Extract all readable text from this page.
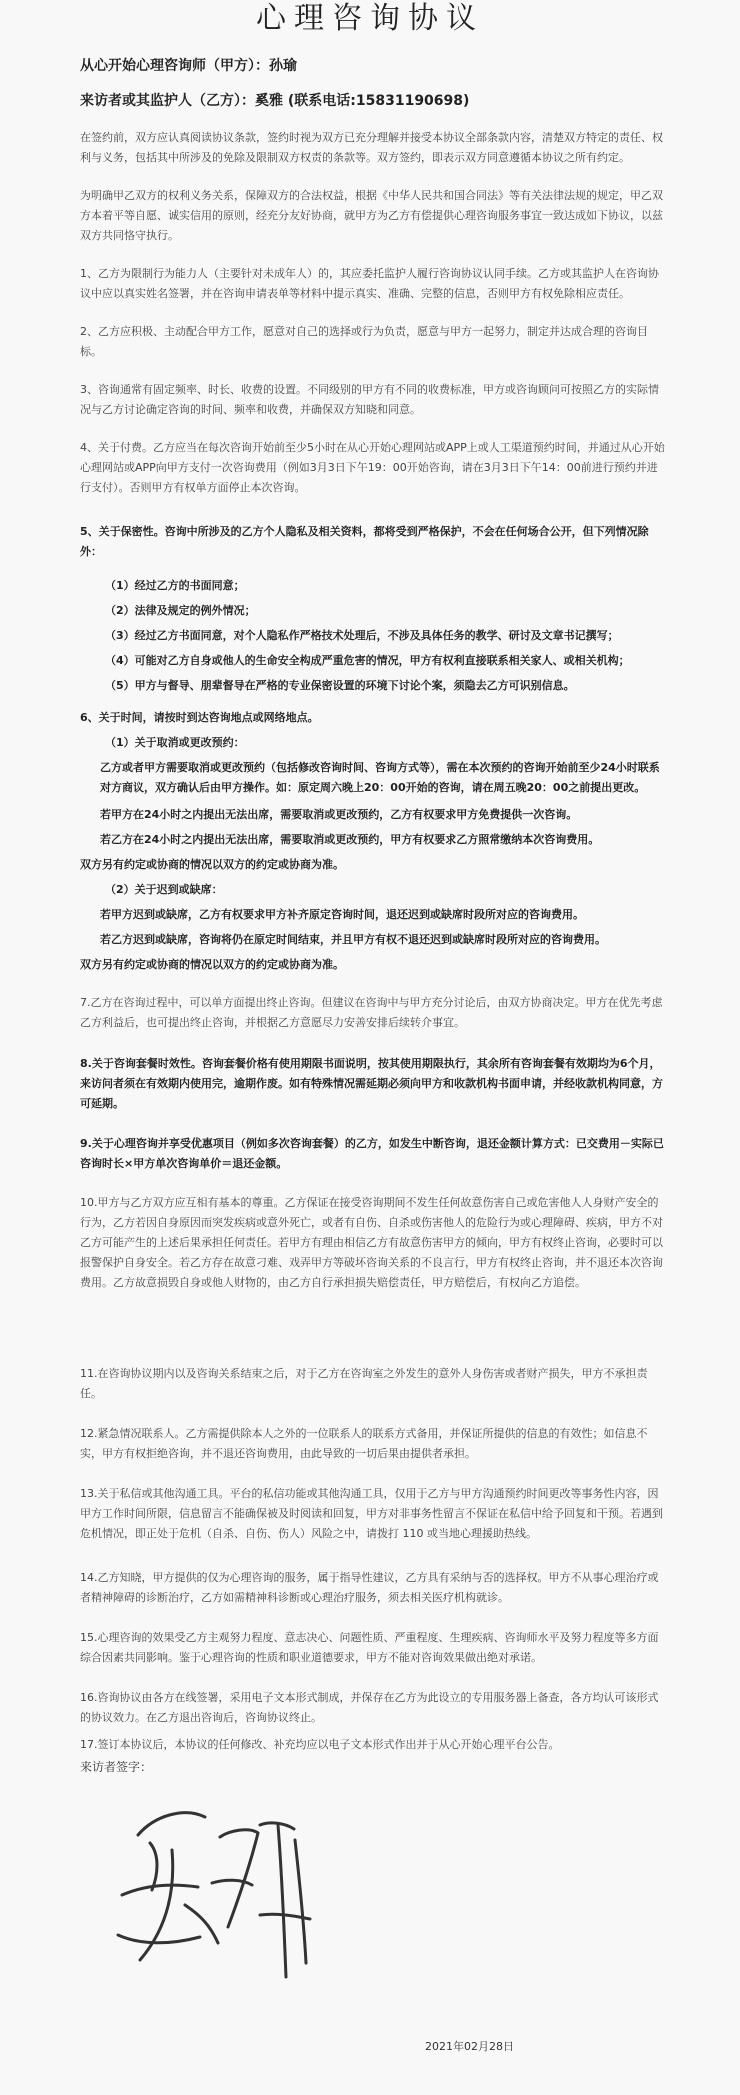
心理咨询协议
从心开始心理咨询师（甲方）：孙瑜
来访者或其监护人（乙方）：奚雅 (联系电话:15831190698)

在签约前，双方应认真阅读协议条款，签约时视为双方已充分理解并接受本协议全部条款内容，清楚双方特定的责任、权利与义务，包括其中所涉及的免除及限制双方权责的条款等。双方签约，即表示双方同意遵循本协议之所有约定。

为明确甲乙双方的权利义务关系，保障双方的合法权益，根据《中华人民共和国合同法》等有关法律法规的规定，甲乙双方本着平等自愿、诚实信用的原则，经充分友好协商，就甲方为乙方有偿提供心理咨询服务事宜一致达成如下协议，以兹双方共同恪守执行。

1、乙方为限制行为能力人（主要针对未成年人）的，其应委托监护人履行咨询协议认同手续。乙方或其监护人在咨询协议中应以真实姓名签署，并在咨询申请表单等材料中提示真实、准确、完整的信息，否则甲方有权免除相应责任。

2、乙方应积极、主动配合甲方工作，愿意对自己的选择或行为负责，愿意与甲方一起努力，制定并达成合理的咨询目标。

3、咨询通常有固定频率、时长、收费的设置。不同级别的甲方有不同的收费标准，甲方或咨询顾问可按照乙方的实际情况与乙方讨论确定咨询的时间、频率和收费，并确保双方知晓和同意。

4、关于付费。乙方应当在每次咨询开始前至少5小时在从心开始心理网站或APP上或人工渠道预约时间，并通过从心开始心理网站或APP向甲方支付一次咨询费用（例如3月3日下午19：00开始咨询，请在3月3日下午14：00前进行预约并进行支付）。否则甲方有权单方面停止本次咨询。

5、关于保密性。咨询中所涉及的乙方个人隐私及相关资料，都将受到严格保护，不会在任何场合公开，但下列情况除外：

（1）经过乙方的书面同意；
（2）法律及规定的例外情况；
（3）经过乙方书面同意，对个人隐私作严格技术处理后，不涉及具体任务的教学、研讨及文章书记撰写；
（4）可能对乙方自身或他人的生命安全构成严重危害的情况，甲方有权利直接联系相关家人、或相关机构；
（5）甲方与督导、朋辈督导在严格的专业保密设置的环境下讨论个案，须隐去乙方可识别信息。

6、关于时间，请按时到达咨询地点或网络地点。

（1）关于取消或更改预约：
乙方或者甲方需要取消或更改预约（包括修改咨询时间、咨询方式等），需在本次预约的咨询开始前至少24小时联系对方商议，双方确认后由甲方操作。如：原定周六晚上20：00开始的咨询，请在周五晚20：00之前提出更改。
若甲方在24小时之内提出无法出席，需要取消或更改预约，乙方有权要求甲方免费提供一次咨询。
若乙方在24小时之内提出无法出席，需要取消或更改预约，甲方有权要求乙方照常缴纳本次咨询费用。
双方另有约定或协商的情况以双方的约定或协商为准。
（2）关于迟到或缺席：
若甲方迟到或缺席，乙方有权要求甲方补齐原定咨询时间，退还迟到或缺席时段所对应的咨询费用。
若乙方迟到或缺席，咨询将仍在原定时间结束，并且甲方有权不退还迟到或缺席时段所对应的咨询费用。
双方另有约定或协商的情况以双方的约定或协商为准。

7.乙方在咨询过程中，可以单方面提出终止咨询。但建议在咨询中与甲方充分讨论后，由双方协商决定。甲方在优先考虑乙方利益后，也可提出终止咨询，并根据乙方意愿尽力安善安排后续转介事宜。

8.关于咨询套餐时效性。咨询套餐价格有使用期限书面说明，按其使用期限执行，其余所有咨询套餐有效期均为6个月，来访问者须在有效期内使用完，逾期作废。如有特殊情况需延期必须向甲方和收款机构书面申请，并经收款机构同意，方可延期。

9.关于心理咨询并享受优惠项目（例如多次咨询套餐）的乙方，如发生中断咨询，退还金额计算方式：已交费用－实际已咨询时长×甲方单次咨询单价＝退还金额。

10.甲方与乙方双方应互相有基本的尊重。乙方保证在接受咨询期间不发生任何故意伤害自己或危害他人人身财产安全的行为，乙方若因自身原因而突发疾病或意外死亡，或者有自伤、自杀或伤害他人的危险行为或心理障碍、疾病，甲方不对乙方可能产生的上述后果承担任何责任。若甲方有理由相信乙方有故意伤害甲方的倾向，甲方有权终止咨询，必要时可以报警保护自身安全。若乙方存在故意刁难、戏弄甲方等破坏咨询关系的不良言行，甲方有权终止咨询，并不退还本次咨询费用。乙方故意损毁自身或他人财物的，由乙方自行承担损失赔偿责任，甲方赔偿后，有权向乙方追偿。

11.在咨询协议期内以及咨询关系结束之后，对于乙方在咨询室之外发生的意外人身伤害或者财产损失，甲方不承担责任。

12.紧急情况联系人。乙方需提供除本人之外的一位联系人的联系方式备用，并保证所提供的信息的有效性；如信息不实，甲方有权拒绝咨询，并不退还咨询费用，由此导致的一切后果由提供者承担。

13.关于私信或其他沟通工具。平台的私信功能或其他沟通工具，仅用于乙方与甲方沟通预约时间更改等事务性内容，因甲方工作时间所限，信息留言不能确保被及时阅读和回复，甲方对非事务性留言不保证在私信中给予回复和干预。若遇到危机情况，即正处于危机（自杀、自伤、伤人）风险之中，请拨打 110 或当地心理援助热线。

14.乙方知晓，甲方提供的仅为心理咨询的服务，属于指导性建议，乙方具有采纳与否的选择权。甲方不从事心理治疗或者精神障碍的诊断治疗，乙方如需精神科诊断或心理治疗服务，须去相关医疗机构就诊。

15.心理咨询的效果受乙方主观努力程度、意志决心、问题性质、严重程度、生理疾病、咨询师水平及努力程度等多方面综合因素共同影响。鉴于心理咨询的性质和职业道德要求，甲方不能对咨询效果做出绝对承诺。

16.咨询协议由各方在线签署，采用电子文本形式制成，并保存在乙方为此设立的专用服务器上备查，各方均认可该形式的协议效力。在乙方退出咨询后，咨询协议终止。

17.签订本协议后，本协议的任何修改、补充均应以电子文本形式作出并于从心开始心理平台公告。

来访者签字：
2021年02月28日
